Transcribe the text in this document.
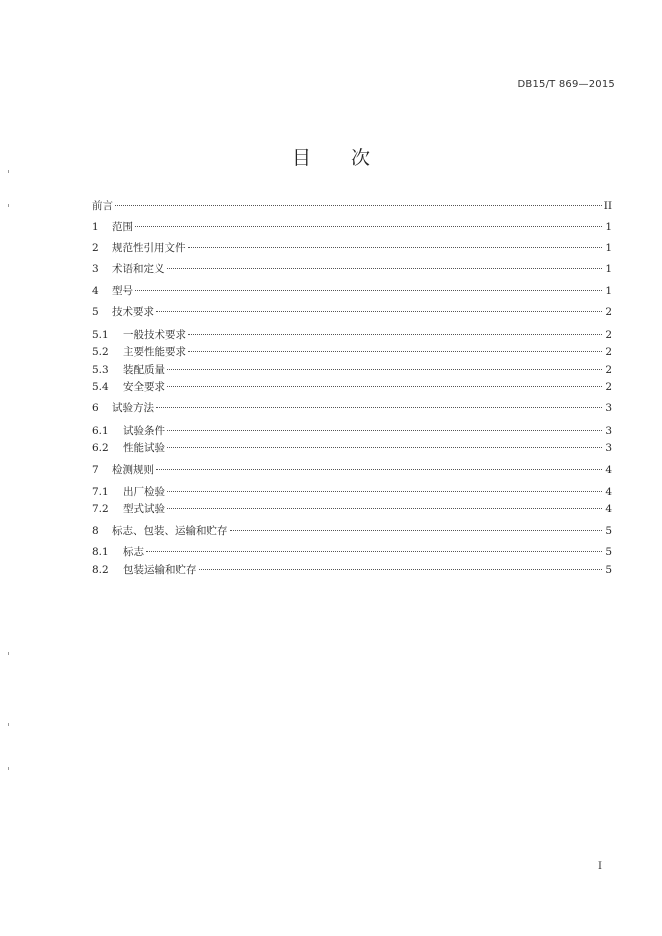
DB15/T 869—2015
目 次
前言	II
1	范围	1
2	规范性引用文件	1
3	术语和定义	1
4	型号	1
5	技术要求	2
5.1	一般技术要求	2
5.2	主要性能要求	2
5.3	装配质量	2
5.4	安全要求	2
6	试验方法	3
6.1	试验条件	3
6.2	性能试验	3
7	检测规则	4
7.1	出厂检验	4
7.2	型式试验	4
8	标志、包装、运输和贮存	5
8.1	标志	5
8.2	包装运输和贮存	5
I
